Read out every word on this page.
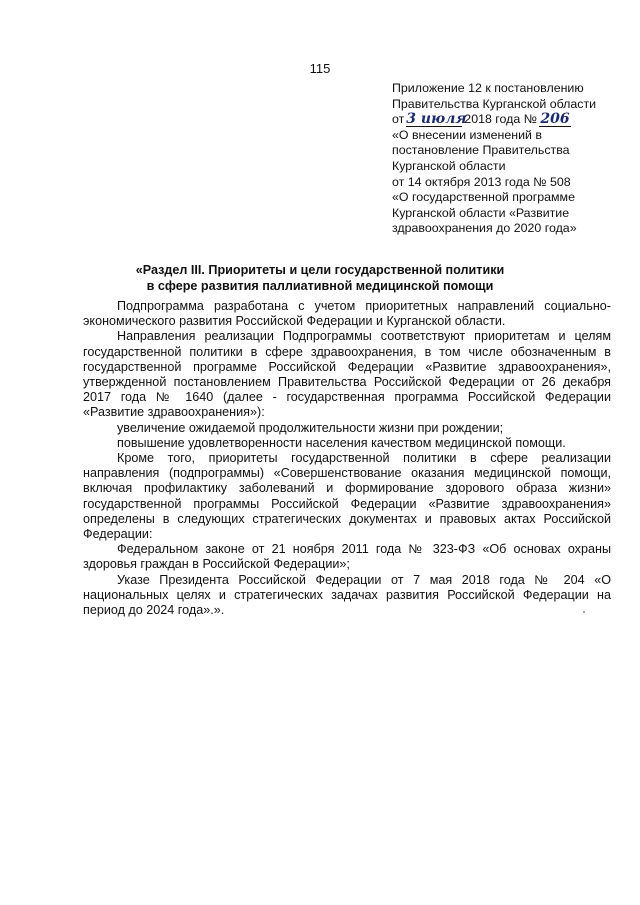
115
Приложение 12 к постановлению
Правительства Курганской области
от 3 июля2018 года № 206
«О внесении изменений в
постановление Правительства
Курганской области
от 14 октября 2013 года № 508
«О государственной программе
Курганской области «Развитие
здравоохранения до 2020 года»
«Раздел III. Приоритеты и цели государственной политики
в сфере развития паллиативной медицинской помощи

Подпрограмма разработана с учетом приоритетных направлений социально-экономического развития Российской Федерации и Курганской области.

Направления реализации Подпрограммы соответствуют приоритетам и целям государственной политики в сфере здравоохранения, в том числе обозначенным в государственной программе Российской Федерации «Развитие здравоохранения», утвержденной постановлением Правительства Российской Федерации от 26 декабря 2017 года № 1640 (далее - государственная программа Российской Федерации «Развитие здравоохранения»):

увеличение ожидаемой продолжительности жизни при рождении;

повышение удовлетворенности населения качеством медицинской помощи.

Кроме того, приоритеты государственной политики в сфере реализации направления (подпрограммы) «Совершенствование оказания медицинской помощи, включая профилактику заболеваний и формирование здорового образа жизни» государственной программы Российской Федерации «Развитие здравоохранения» определены в следующих стратегических документах и правовых актах Российской Федерации:

Федеральном законе от 21 ноября 2011 года № 323-ФЗ «Об основах охраны здоровья граждан в Российской Федерации»;

Указе Президента Российской Федерации от 7 мая 2018 года № 204 «О национальных целях и стратегических задачах развития Российской Федерации на период до 2024 года».».
